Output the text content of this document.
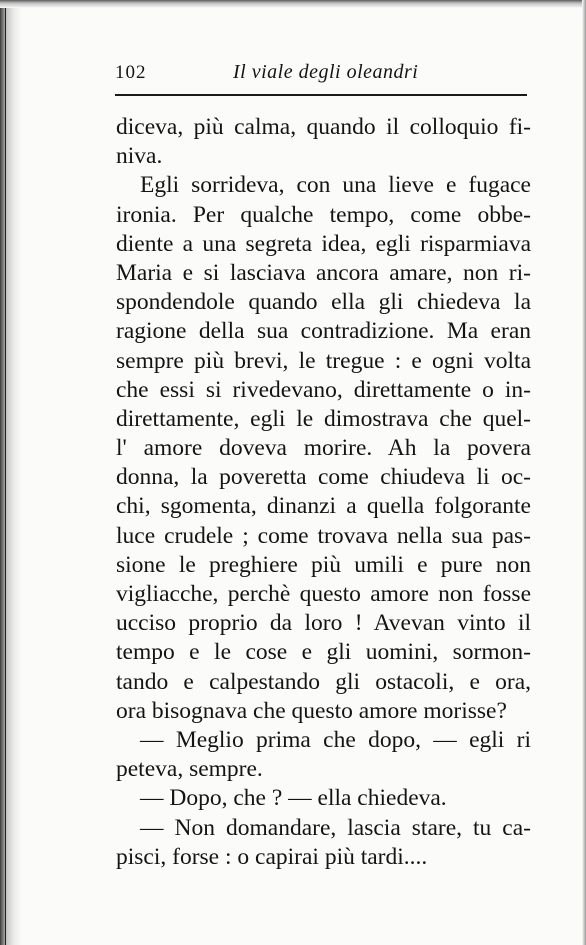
102	Il viale degli oleandri
diceva, più calma, quando il colloquio fi-
niva.
Egli sorrideva, con una lieve e fugace
ironia. Per qualche tempo, come obbe-
diente a una segreta idea, egli risparmiava
Maria e si lasciava ancora amare, non ri-
spondendole quando ella gli chiedeva la
ragione della sua contradizione. Ma eran
sempre più brevi, le tregue : e ogni volta
che essi si rivedevano, direttamente o in-
direttamente, egli le dimostrava che quel-
l' amore doveva morire. Ah la povera
donna, la poveretta come chiudeva li oc-
chi, sgomenta, dinanzi a quella folgorante
luce crudele ; come trovava nella sua pas-
sione le preghiere più umili e pure non
vigliacche, perchè questo amore non fosse
ucciso proprio da loro ! Avevan vinto il
tempo e le cose e gli uomini, sormon-
tando e calpestando gli ostacoli, e ora,
ora bisognava che questo amore morisse?
— Meglio prima che dopo, — egli ri
peteva, sempre.
— Dopo, che ? — ella chiedeva.
— Non domandare, lascia stare, tu ca-
pisci, forse : o capirai più tardi....
